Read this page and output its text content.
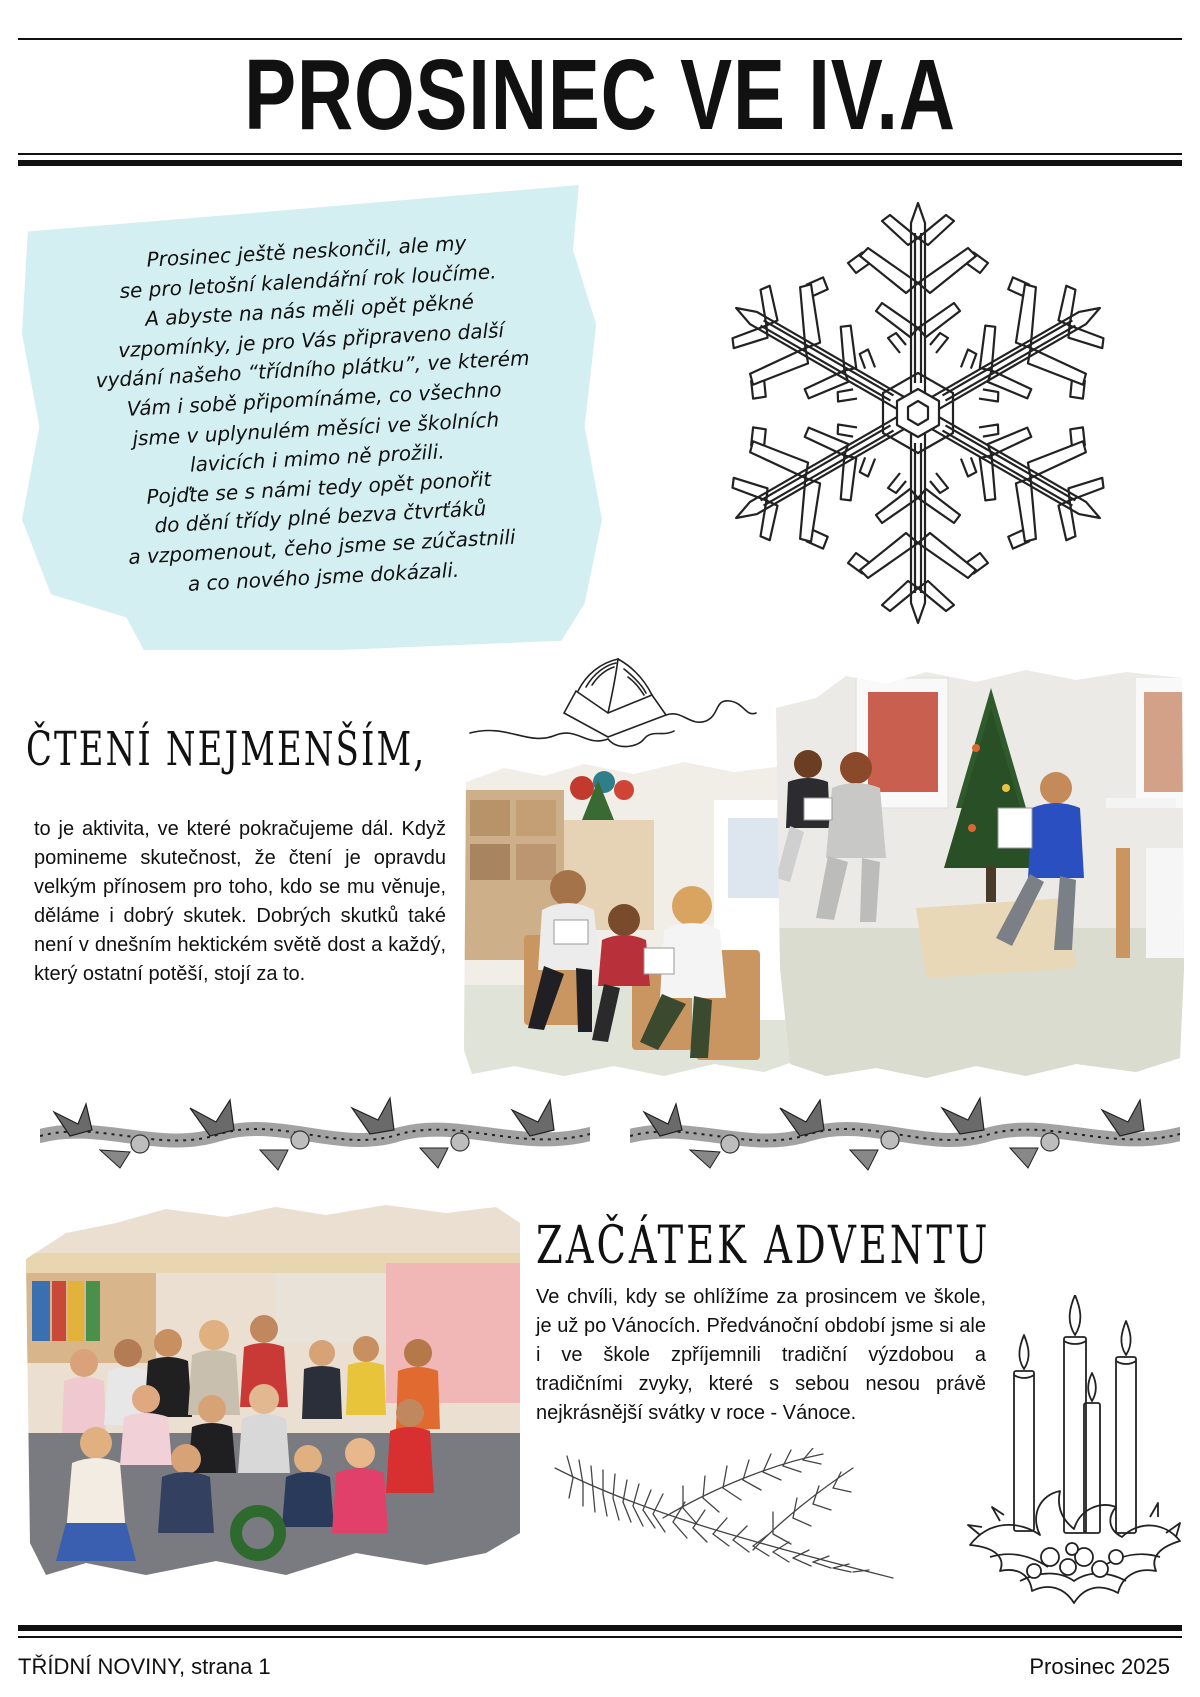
PROSINEC VE IV.A
Prosinec ještě neskončil, ale my
se pro letošní kalendářní rok loučíme.
A abyste na nás měli opět pěkné
vzpomínky, je pro Vás připraveno další
vydání našeho “třídního plátku”, ve kterém
Vám i sobě připomínáme, co všechno
jsme v uplynulém měsíci ve školních
lavicích i mimo ně prožili.
Pojďte se s námi tedy opět ponořit
do dění třídy plné bezva čtvrťáků
a vzpomenout, čeho jsme se zúčastnili
a co nového jsme dokázali.
ČTENÍ NEJMENŠÍM,
to je aktivita, ve které pokračujeme dál. Když pomineme skutečnost, že čtení je opravdu velkým přínosem pro toho, kdo se mu věnuje, děláme i dobrý skutek. Dobrých skutků také není v dnešním hektickém světě dost a každý, který ostatní potěší, stojí za to.
ZAČÁTEK ADVENTU
Ve chvíli, kdy se ohlížíme za prosincem ve škole, je už po Vánocích. Předvánoční období jsme si ale i ve škole zpříjemnili tradiční výzdobou a tradičními zvyky, které s sebou nesou právě nejkrásnější svátky v roce - Vánoce.
TŘÍDNÍ NOVINY, strana 1	Prosinec 2025
